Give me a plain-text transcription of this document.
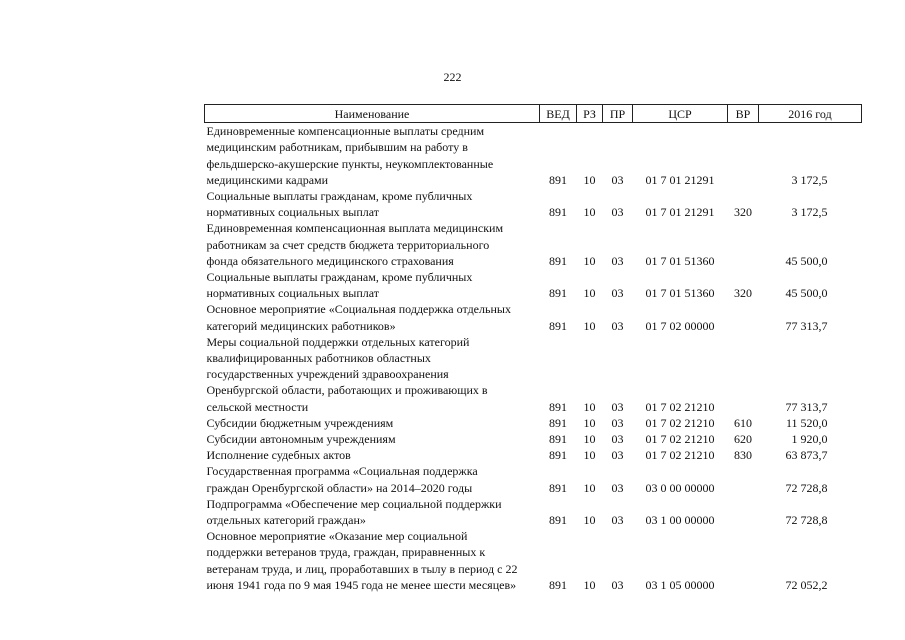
222
Наименование	ВЕД	РЗ	ПР	ЦСР	ВР	2016 год

Единовременные компенсационные выплаты средним
медицинским работникам, прибывшим на работу в
фельдшерско-акушерские пункты, неукомплектованные
медицинскими кадрами	891	10	03	01 7 01 21291		3 172,5

Социальные выплаты гражданам, кроме публичных
нормативных социальных выплат	891	10	03	01 7 01 21291	320	3 172,5

Единовременная компенсационная выплата медицинским
работникам за счет средств бюджета территориального
фонда обязательного медицинского страхования	891	10	03	01 7 01 51360		45 500,0

Социальные выплаты гражданам, кроме публичных
нормативных социальных выплат	891	10	03	01 7 01 51360	320	45 500,0

Основное мероприятие «Социальная поддержка отдельных
категорий медицинских работников»	891	10	03	01 7 02 00000		77 313,7

Меры социальной поддержки отдельных категорий
квалифицированных работников областных
государственных учреждений здравоохранения
Оренбургской области, работающих и проживающих в
сельской местности	891	10	03	01 7 02 21210		77 313,7

Субсидии бюджетным учреждениям	891	10	03	01 7 02 21210	610	11 520,0

Субсидии автономным учреждениям	891	10	03	01 7 02 21210	620	1 920,0

Исполнение судебных актов	891	10	03	01 7 02 21210	830	63 873,7

Государственная программа «Социальная поддержка
граждан Оренбургской области» на 2014–2020 годы	891	10	03	03 0 00 00000		72 728,8

Подпрограмма «Обеспечение мер социальной поддержки
отдельных категорий граждан»	891	10	03	03 1 00 00000		72 728,8

Основное мероприятие «Оказание мер социальной
поддержки ветеранов труда, граждан, приравненных к
ветеранам труда, и лиц, проработавших в тылу в период с 22
июня 1941 года по 9 мая 1945 года не менее шести месяцев»	891	10	03	03 1 05 00000		72 052,2
